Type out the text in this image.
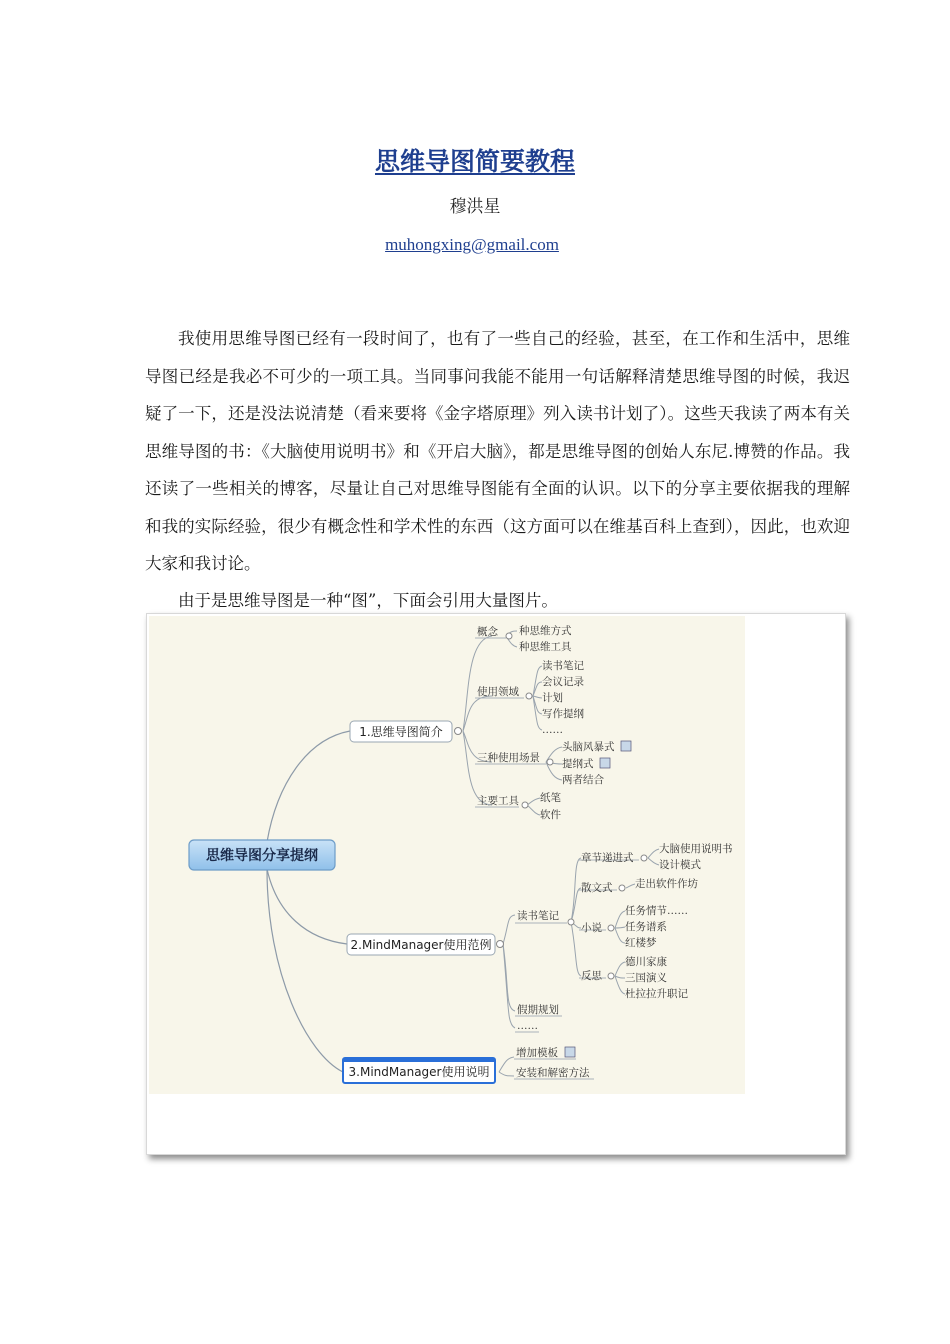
思维导图简要教程
穆洪星
muhongxing@gmail.com

我使用思维导图已经有一段时间了，也有了一些自己的经验，甚至，在工作和生活中，思维导图已经是我必不可少的一项工具。当同事问我能不能用一句话解释清楚思维导图的时候，我迟疑了一下，还是没法说清楚（看来要将《金字塔原理》列入读书计划了）。这些天我读了两本有关思维导图的书：《大脑使用说明书》和《开启大脑》，都是思维导图的创始人东尼.博赞的作品。我还读了一些相关的博客，尽量让自己对思维导图能有全面的认识。以下的分享主要依据我的理解和我的实际经验，很少有概念性和学术性的东西（这方面可以在维基百科上查到），因此，也欢迎大家和我讨论。

由于是思维导图是一种“图”，下面会引用大量图片。

思维导图分享提纲
1.思维导图简介
2.MindManager使用范例
3.MindManager使用说明
概念 种思维方式
种思维工具
使用领域
读书笔记
会议记录
计划
写作提纲
……
三种使用场景
头脑风暴式
提纲式
两者结合
主要工具 纸笔
软件
读书笔记
章节递进式
大脑使用说明书
设计模式
散文式 走出软件作坊
小说
任务情节……
任务谱系
红楼梦
反思
德川家康
三国演义
杜拉拉升职记
假期规划
……
增加模板
安装和解密方法
